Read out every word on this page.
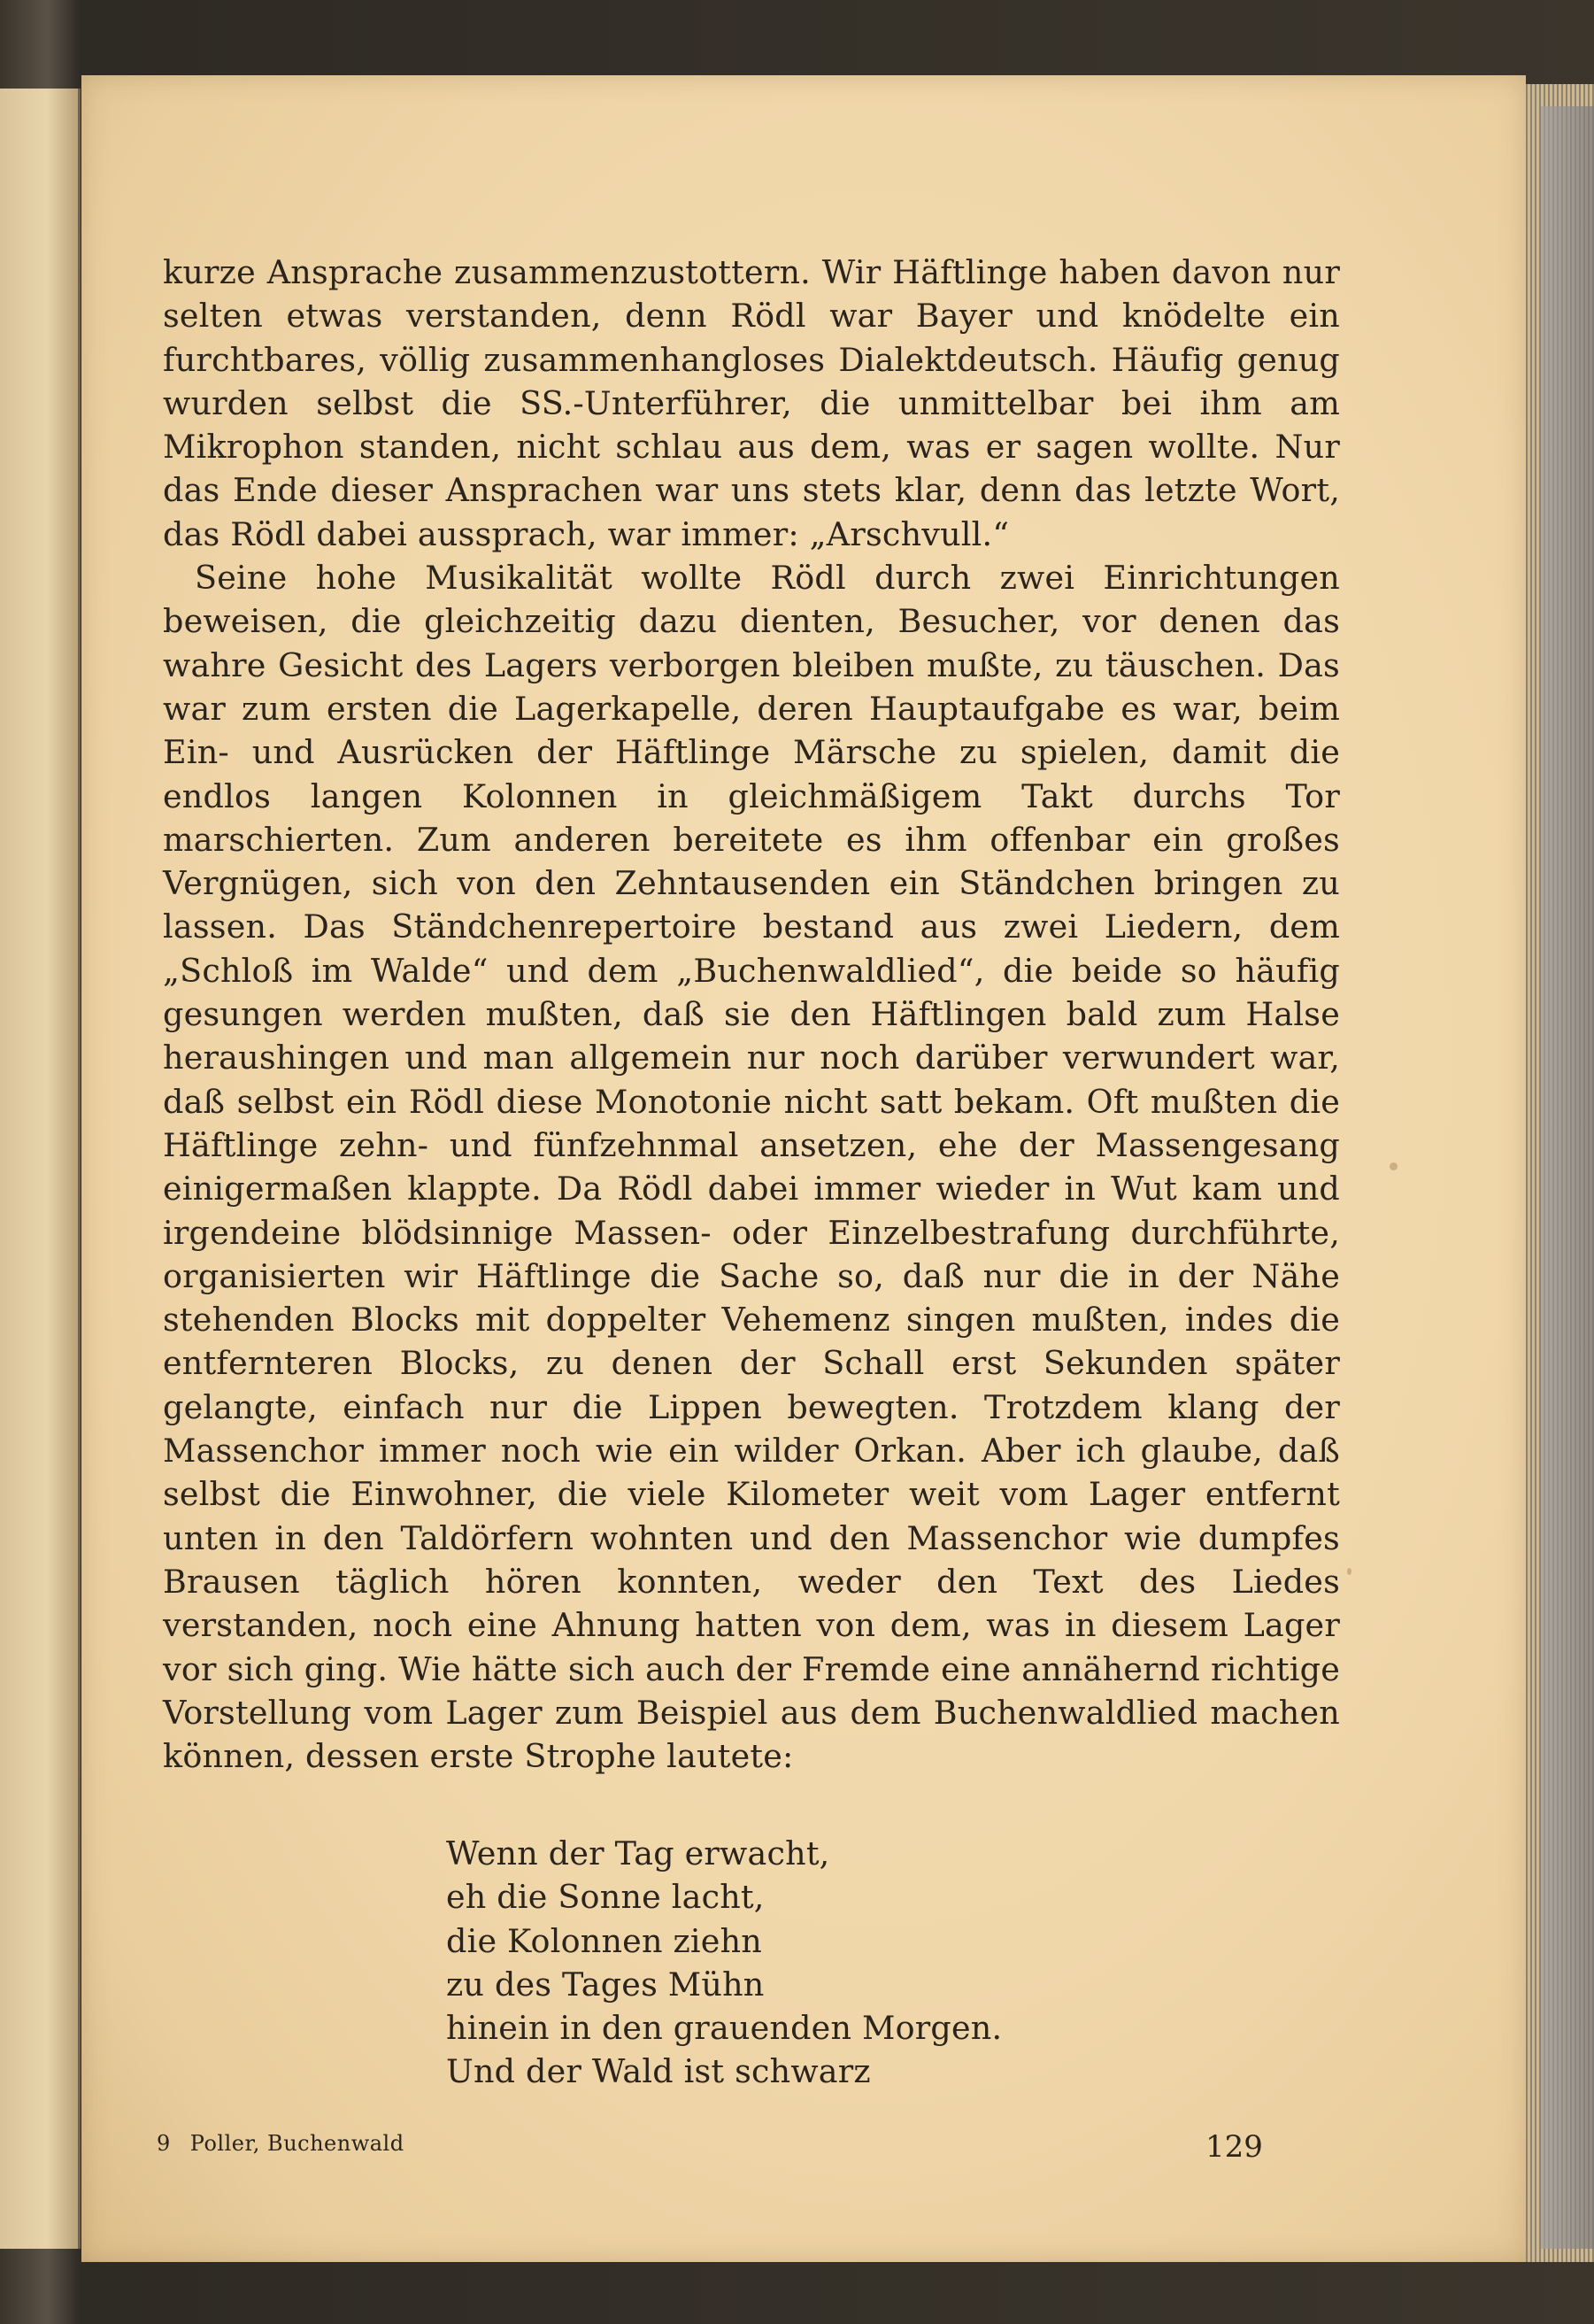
kurze Ansprache zusammenzustottern. Wir Häftlinge haben davon nur selten etwas verstanden, denn Rödl war Bayer und knödelte ein furchtbares, völlig zusammenhangloses Dialektdeutsch. Häufig genug wurden selbst die SS.-Unterführer, die unmittelbar bei ihm am Mikrophon standen, nicht schlau aus dem, was er sagen wollte. Nur das Ende dieser Ansprachen war uns stets klar, denn das letzte Wort, das Rödl dabei aussprach, war immer: „Arschvull.“

Seine hohe Musikalität wollte Rödl durch zwei Einrichtungen beweisen, die gleichzeitig dazu dienten, Besucher, vor denen das wahre Gesicht des Lagers verborgen bleiben mußte, zu täuschen. Das war zum ersten die Lagerkapelle, deren Hauptaufgabe es war, beim Ein- und Ausrücken der Häftlinge Märsche zu spielen, damit die endlos langen Kolonnen in gleichmäßigem Takt durchs Tor marschierten. Zum anderen bereitete es ihm offenbar ein großes Vergnügen, sich von den Zehntausenden ein Ständchen bringen zu lassen. Das Ständchenrepertoire bestand aus zwei Liedern, dem „Schloß im Walde“ und dem „Buchenwaldlied“, die beide so häufig gesungen werden mußten, daß sie den Häftlingen bald zum Halse heraushingen und man allgemein nur noch darüber verwundert war, daß selbst ein Rödl diese Monotonie nicht satt bekam. Oft mußten die Häftlinge zehn- und fünfzehnmal ansetzen, ehe der Massengesang einigermaßen klappte. Da Rödl dabei immer wieder in Wut kam und irgendeine blödsinnige Massen- oder Einzelbestrafung durchführte, organisierten wir Häftlinge die Sache so, daß nur die in der Nähe stehenden Blocks mit doppelter Vehemenz singen mußten, indes die entfernteren Blocks, zu denen der Schall erst Sekunden später gelangte, einfach nur die Lippen bewegten. Trotzdem klang der Massenchor immer noch wie ein wilder Orkan. Aber ich glaube, daß selbst die Einwohner, die viele Kilometer weit vom Lager entfernt unten in den Taldörfern wohnten und den Massenchor wie dumpfes Brausen täglich hören konnten, weder den Text des Liedes verstanden, noch eine Ahnung hatten von dem, was in diesem Lager vor sich ging. Wie hätte sich auch der Fremde eine annähernd richtige Vorstellung vom Lager zum Beispiel aus dem Buchenwaldlied machen können, dessen erste Strophe lautete:

Wenn der Tag erwacht,
eh die Sonne lacht,
die Kolonnen ziehn
zu des Tages Mühn
hinein in den grauenden Morgen.
Und der Wald ist schwarz
9 Poller, Buchenwald	129
